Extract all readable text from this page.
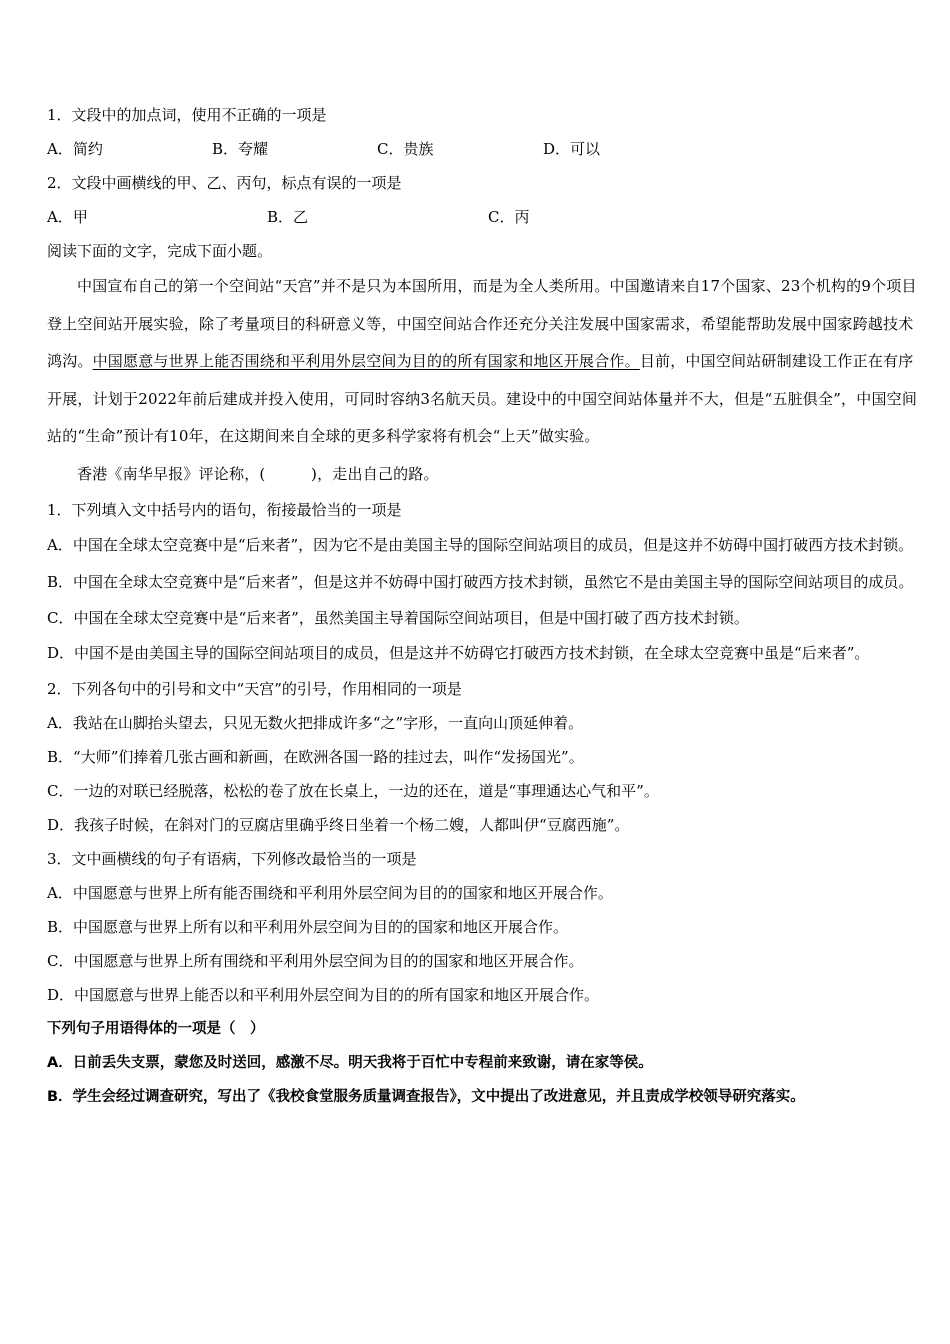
1．文段中的加点词，使用不正确的一项是
A．简约	B．夸耀	C．贵族	D．可以
2．文段中画横线的甲、乙、丙句，标点有误的一项是
A．甲	B．乙	C．丙
阅读下面的文字，完成下面小题。

中国宣布自己的第一个空间站“天宫”并不是只为本国所用，而是为全人类所用。中国邀请来自17个国家、23个机构的9个项目登上空间站开展实验，除了考量项目的科研意义等，中国空间站合作还充分关注发展中国家需求，希望能帮助发展中国家跨越技术鸿沟。中国愿意与世界上能否围绕和平利用外层空间为目的的所有国家和地区开展合作。目前，中国空间站研制建设工作正在有序开展，计划于2022年前后建成并投入使用，可同时容纳3名航天员。建设中的中国空间站体量并不大，但是“五脏俱全”，中国空间站的“生命”预计有10年，在这期间来自全球的更多科学家将有机会“上天”做实验。

香港《南华早报》评论称，(　　　)，走出自己的路。

1．下列填入文中括号内的语句，衔接最恰当的一项是
A．中国在全球太空竞赛中是“后来者”，因为它不是由美国主导的国际空间站项目的成员，但是这并不妨碍中国打破西方技术封锁。
B．中国在全球太空竞赛中是“后来者”，但是这并不妨碍中国打破西方技术封锁，虽然它不是由美国主导的国际空间站项目的成员。
C．中国在全球太空竞赛中是“后来者”，虽然美国主导着国际空间站项目，但是中国打破了西方技术封锁。
D．中国不是由美国主导的国际空间站项目的成员，但是这并不妨碍它打破西方技术封锁，在全球太空竞赛中虽是“后来者”。
2．下列各句中的引号和文中“天宫”的引号，作用相同的一项是
A．我站在山脚抬头望去，只见无数火把排成许多“之”字形，一直向山顶延伸着。
B．“大师”们捧着几张古画和新画，在欧洲各国一路的挂过去，叫作“发扬国光”。
C．一边的对联已经脱落，松松的卷了放在长桌上，一边的还在，道是“事理通达心气和平”。
D．我孩子时候，在斜对门的豆腐店里确乎终日坐着一个杨二嫂，人都叫伊“豆腐西施”。
3．文中画横线的句子有语病，下列修改最恰当的一项是
A．中国愿意与世界上所有能否围绕和平利用外层空间为目的的国家和地区开展合作。
B．中国愿意与世界上所有以和平利用外层空间为目的的国家和地区开展合作。
C．中国愿意与世界上所有围绕和平利用外层空间为目的的国家和地区开展合作。
D．中国愿意与世界上能否以和平利用外层空间为目的的所有国家和地区开展合作。
下列句子用语得体的一项是（　）
A．日前丢失支票，蒙您及时送回，感激不尽。明天我将于百忙中专程前来致谢，请在家等侯。
B．学生会经过调查研究，写出了《我校食堂服务质量调查报告》，文中提出了改进意见，并且责成学校领导研究落实。
